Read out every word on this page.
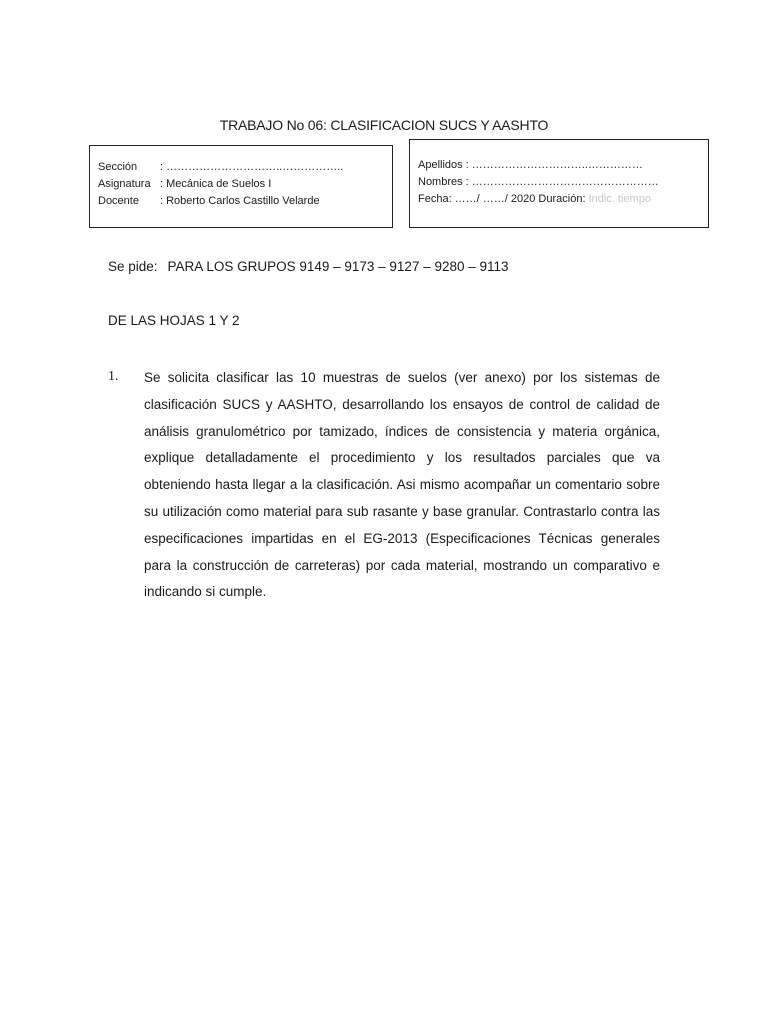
TRABAJO No 06: CLASIFICACION SUCS Y AASHTO
Sección : …………………………..……………..
Asignatura : Mecánica de Suelos I
Docente : Roberto Carlos Castillo Velarde
Apellidos : …………………………..……………
Nombres : ……………………………………………
Fecha: ……/ ……/ 2020 Duración: Indic. tiempo
Se pide: PARA LOS GRUPOS 9149 – 9173 – 9127 – 9280 – 9113
DE LAS HOJAS 1 Y 2
1. Se solicita clasificar las 10 muestras de suelos (ver anexo) por los sistemas de clasificación SUCS y AASHTO, desarrollando los ensayos de control de calidad de análisis granulométrico por tamizado, índices de consistencia y materia orgánica, explique detalladamente el procedimiento y los resultados parciales que va obteniendo hasta llegar a la clasificación. Asi mismo acompañar un comentario sobre su utilización como material para sub rasante y base granular. Contrastarlo contra las especificaciones impartidas en el EG-2013 (Especificaciones Técnicas generales para la construcción de carreteras) por cada material, mostrando un comparativo e indicando si cumple.
